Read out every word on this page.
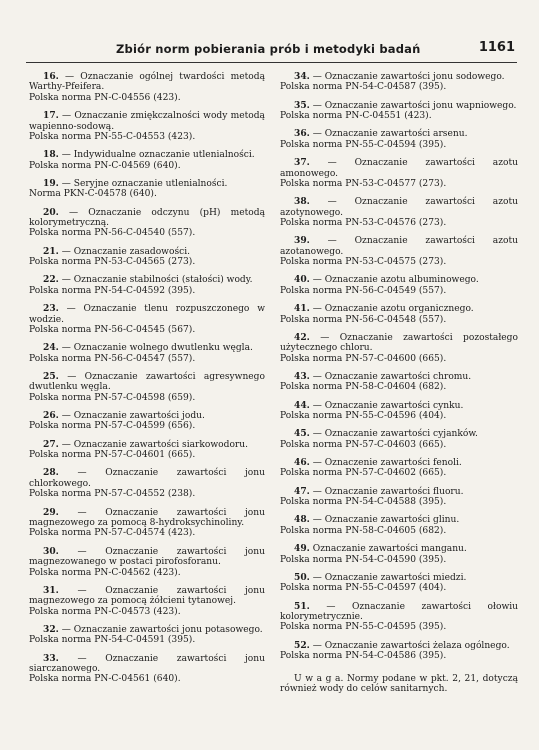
Zbiór norm pobierania prób i metodyki badań	1161
16. — Oznaczanie ogólnej twardości metodą Warthy-Pfeifera.
Polska norma PN-C-04556 (423).
17. — Oznaczanie zmiękczalności wody metodą wapienno-sodową.
Polska norma PN-55-C-04553 (423).
18. — Indywidualne oznaczanie utlenialności.
Polska norma PN-C-04569 (640).
19. — Seryjne oznaczanie utlenialności.
Norma PKN-C-04578 (640).
20. — Oznaczanie odczynu (pH) metodą kolorymetryczną.
Polska norma PN-56-C-04540 (557).
21. — Oznaczanie zasadowości.
Polska norma PN-53-C-04565 (273).
22. — Oznaczanie stabilności (stałości) wody.
Polska norma PN-54-C-04592 (395).
23. — Oznaczanie tlenu rozpuszczonego w wodzie.
Polska norma PN-56-C-04545 (567).
24. — Oznaczanie wolnego dwutlenku węgla.
Polska norma PN-56-C-04547 (557).
25. — Oznaczanie zawartości agresywnego dwutlenku węgla.
Polska norma PN-57-C-04598 (659).
26. — Oznaczanie zawartości jodu.
Polska norma PN-57-C-04599 (656).
27. — Oznaczanie zawartości siarkowodoru.
Polska norma PN-57-C-04601 (665).
28. — Oznaczanie zawartości jonu chlorkowego.
Polska norma PN-57-C-04552 (238).
29. — Oznaczanie zawartości jonu magnezowego za pomocą 8-hydroksychinoliny.
Polska norma PN-57-C-04574 (423).
30. — Oznaczanie zawartości jonu magnezowanego w postaci pirofosforanu.
Polska norma PN-C-04562 (423).
31. — Oznaczanie zawartości jonu magnezowego za pomocą żółcieni tytanowej.
Polska norma PN-C-04573 (423).
32. — Oznaczanie zawartości jonu potasowego.
Polska norma PN-54-C-04591 (395).
33. — Oznaczanie zawartości jonu siarczanowego.
Polska norma PN-C-04561 (640).
34. — Oznaczanie zawartości jonu sodowego.
Polska norma PN-54-C-04587 (395).
35. — Oznaczanie zawartości jonu wapniowego.
Polska norma PN-C-04551 (423).
36. — Oznaczanie zawartości arsenu.
Polska norma PN-55-C-04594 (395).
37. — Oznaczanie zawartości azotu amonowego.
Polska norma PN-53-C-04577 (273).
38. — Oznaczanie zawartości azotu azotynowego.
Polska norma PN-53-C-04576 (273).
39. — Oznaczanie zawartości azotu azotanowego.
Polska norma PN-53-C-04575 (273).
40. — Oznaczanie azotu albuminowego.
Polska norma PN-56-C-04549 (557).
41. — Oznaczanie azotu organicznego.
Polska norma PN-56-C-04548 (557).
42. — Oznaczanie zawartości pozostałego użytecznego chloru.
Polska norma PN-57-C-04600 (665).
43. — Oznaczanie zawartości chromu.
Polska norma PN-58-C-04604 (682).
44. — Oznaczanie zawartości cynku.
Polska norma PN-55-C-04596 (404).
45. — Oznaczanie zawartości cyjanków.
Polska norma PN-57-C-04603 (665).
46. — Oznaczenie zawartości fenoli.
Polska norma PN-57-C-04602 (665).
47. — Oznaczanie zawartości fluoru.
Polska norma PN-54-C-04588 (395).
48. — Oznaczanie zawartości glinu.
Polska norma PN-58-C-04605 (682).
49. Oznaczanie zawartości manganu.
Polska norma PN-54-C-04590 (395).
50. — Oznaczanie zawartości miedzi.
Polska norma PN-55-C-04597 (404).
51. — Oznaczanie zawartości ołowiu kolorymetrycznie.
Polska norma PN-55-C-04595 (395).
52. — Oznaczanie zawartości żelaza ogólnego.
Polska norma PN-54-C-04586 (395).
U w a g a. Normy podane w pkt. 2, 21, dotyczą również wody do celów sanitarnych.
